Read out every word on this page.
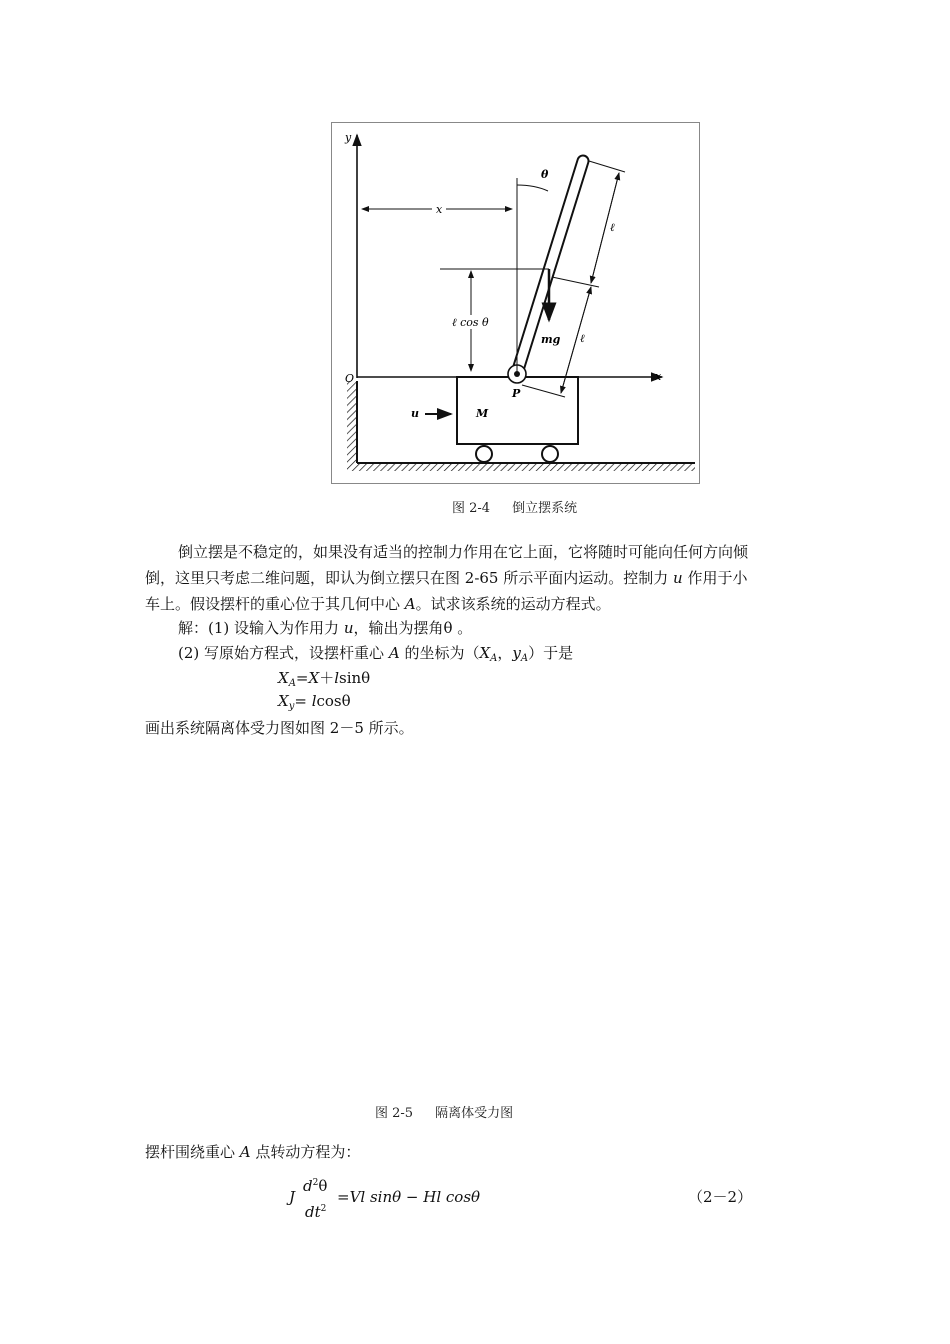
y
x
O
M
u
P
θ
x
ℓ cos θ
mg
ℓ
ℓ
图 2-4 倒立摆系统
倒立摆是不稳定的，如果没有适当的控制力作用在它上面，它将随时可能向任何方向倾
倒，这里只考虑二维问题，即认为倒立摆只在图 2-65 所示平面内运动。控制力 u 作用于小
车上。假设摆杆的重心位于其几何中心 A。试求该系统的运动方程式。
解：(1) 设输入为作用力 u，输出为摆角θ 。
(2) 写原始方程式，设摆杆重心 A 的坐标为（$X_A$，$y_A$）于是
$X_A=X+lsin\theta$
$X_y= lcos\theta$
画出系统隔离体受力图如图 2－5 所示。
图 2-5 隔离体受力图
摆杆围绕重心 A 点转动方程为：
J
$d^2\theta$
$dt^2$
=Vl sinθ − Hl cosθ	（2－2）
